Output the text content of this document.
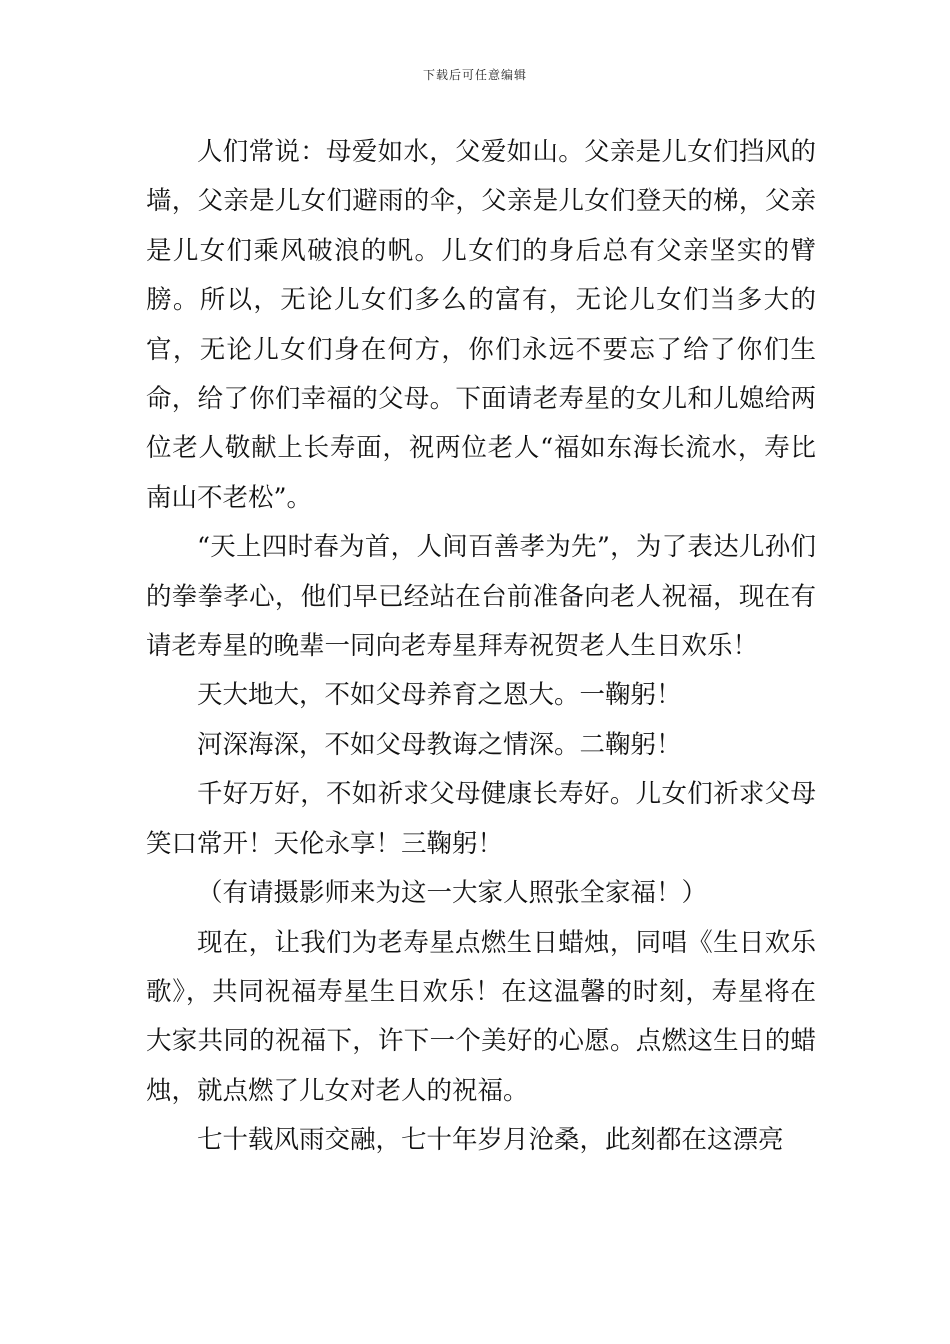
下载后可任意编辑

人们常说：母爱如水，父爱如山。父亲是儿女们挡风的墙，父亲是儿女们避雨的伞，父亲是儿女们登天的梯，父亲是儿女们乘风破浪的帆。儿女们的身后总有父亲坚实的臂膀。所以，无论儿女们多么的富有，无论儿女们当多大的官，无论儿女们身在何方，你们永远不要忘了给了你们生命，给了你们幸福的父母。下面请老寿星的女儿和儿媳给两位老人敬献上长寿面，祝两位老人“福如东海长流水，寿比南山不老松”。

“天上四时春为首，人间百善孝为先”，为了表达儿孙们的拳拳孝心，他们早已经站在台前准备向老人祝福，现在有请老寿星的晚辈一同向老寿星拜寿祝贺老人生日欢乐！

天大地大，不如父母养育之恩大。一鞠躬！

河深海深，不如父母教诲之情深。二鞠躬！

千好万好，不如祈求父母健康长寿好。儿女们祈求父母笑口常开！天伦永享！三鞠躬！

（有请摄影师来为这一大家人照张全家福！）

现在，让我们为老寿星点燃生日蜡烛，同唱《生日欢乐歌》，共同祝福寿星生日欢乐！在这温馨的时刻，寿星将在大家共同的祝福下，许下一个美好的心愿。点燃这生日的蜡烛，就点燃了儿女对老人的祝福。

七十载风雨交融，七十年岁月沧桑，此刻都在这漂亮
